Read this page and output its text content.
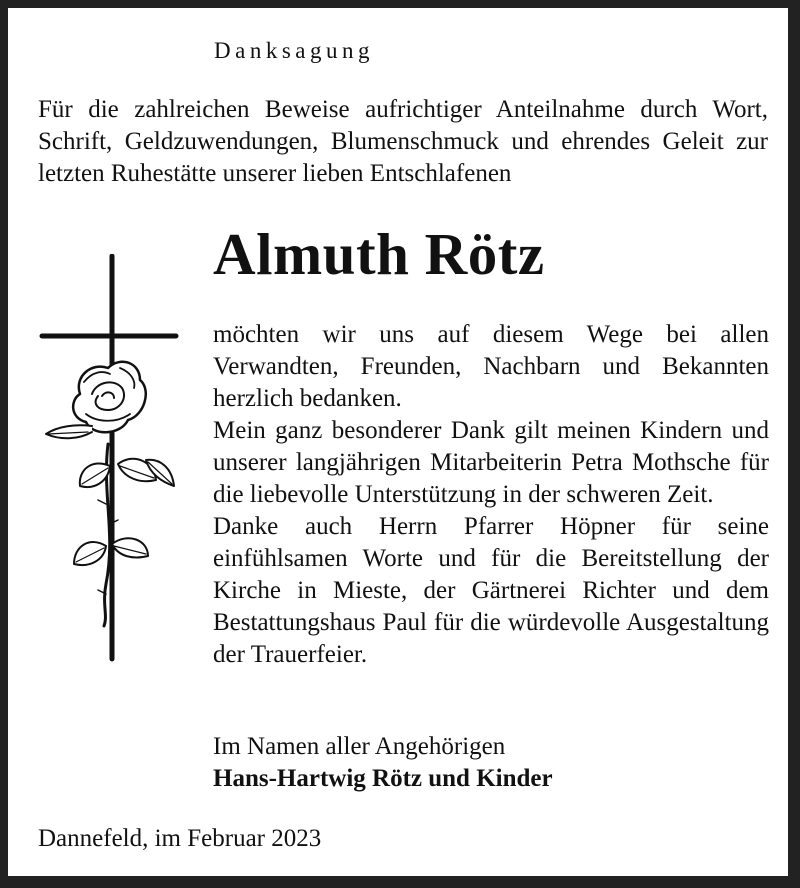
Danksagung
Für die zahlreichen Beweise aufrichtiger Anteilnahme durch Wort, Schrift, Geldzuwendungen, Blumenschmuck und ehrendes Geleit zur letzten Ruhestätte unserer lieben Entschlafenen
Almuth Rötz

möchten wir uns auf diesem Wege bei allen Verwandten, Freunden, Nachbarn und Bekannten herzlich bedanken.

Mein ganz besonderer Dank gilt meinen Kindern und unserer langjährigen Mitarbeiterin Petra Mothsche für die liebevolle Unterstützung in der schweren Zeit.

Danke auch Herrn Pfarrer Höpner für seine einfühlsamen Worte und für die Bereitstellung der Kirche in Mieste, der Gärtnerei Richter und dem Bestattungshaus Paul für die würdevolle Ausgestaltung der Trauerfeier.

Im Namen aller Angehörigen
Hans-Hartwig Rötz und Kinder
Dannefeld, im Februar 2023
